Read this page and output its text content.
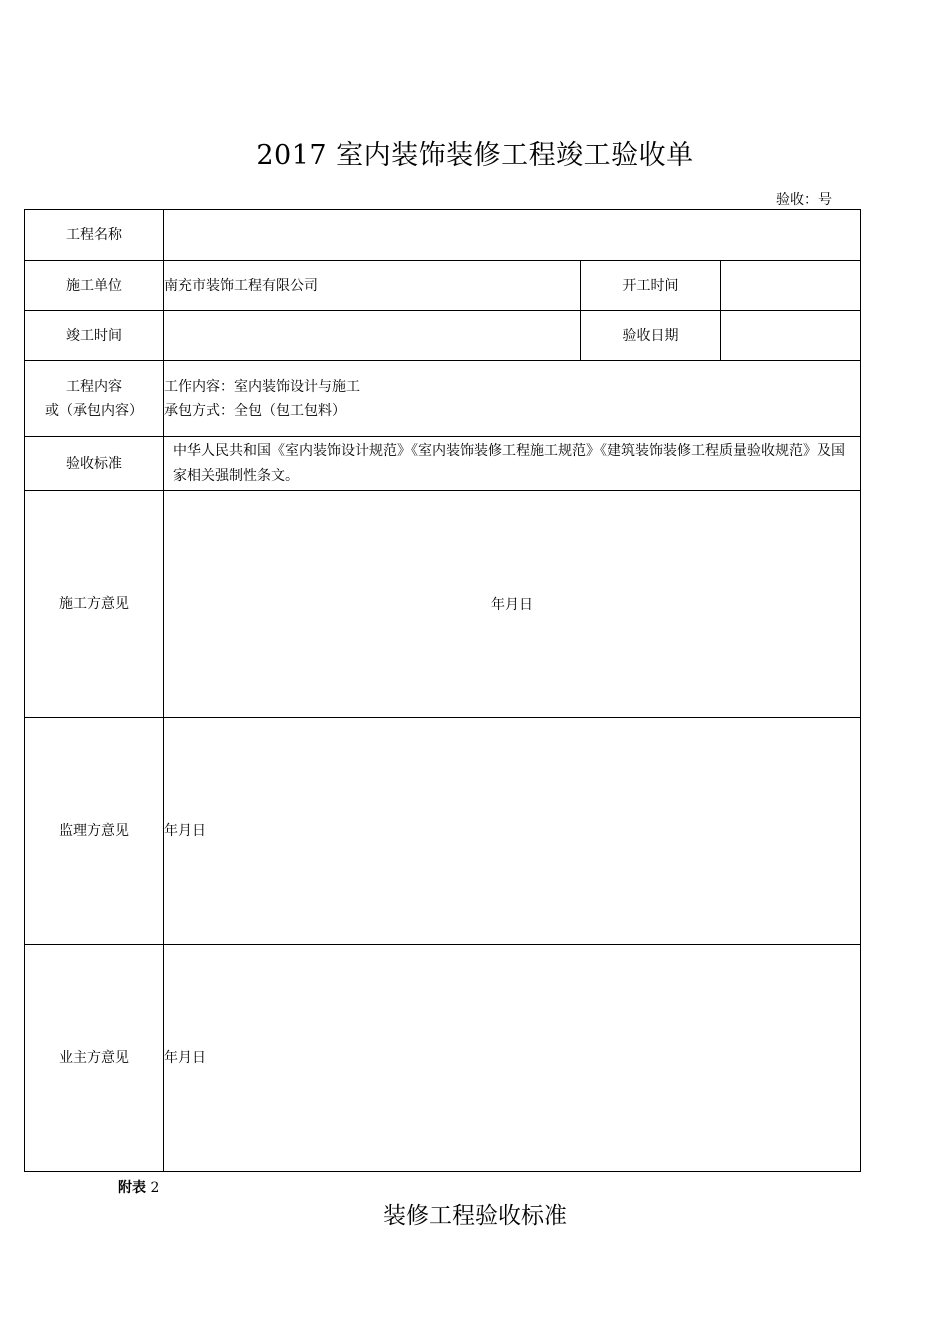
2017 室内装饰装修工程竣工验收单
验收：号
工程名称			
施工单位	南充市装饰工程有限公司	开工时间	
竣工时间		验收日期	

工程内容
或（承包内容）	工作内容：室内装饰设计与施工
承包方式：全包（包工包料）		

验收标准	中华人民共和国《室内装饰设计规范》《室内装饰装修工程施工规范》《建筑装饰装修工程质量验收规范》及国家相关强制性条文。		
施工方意见	年月日		
监理方意见	年月日		
业主方意见	年月日		
附表 2
装修工程验收标准
